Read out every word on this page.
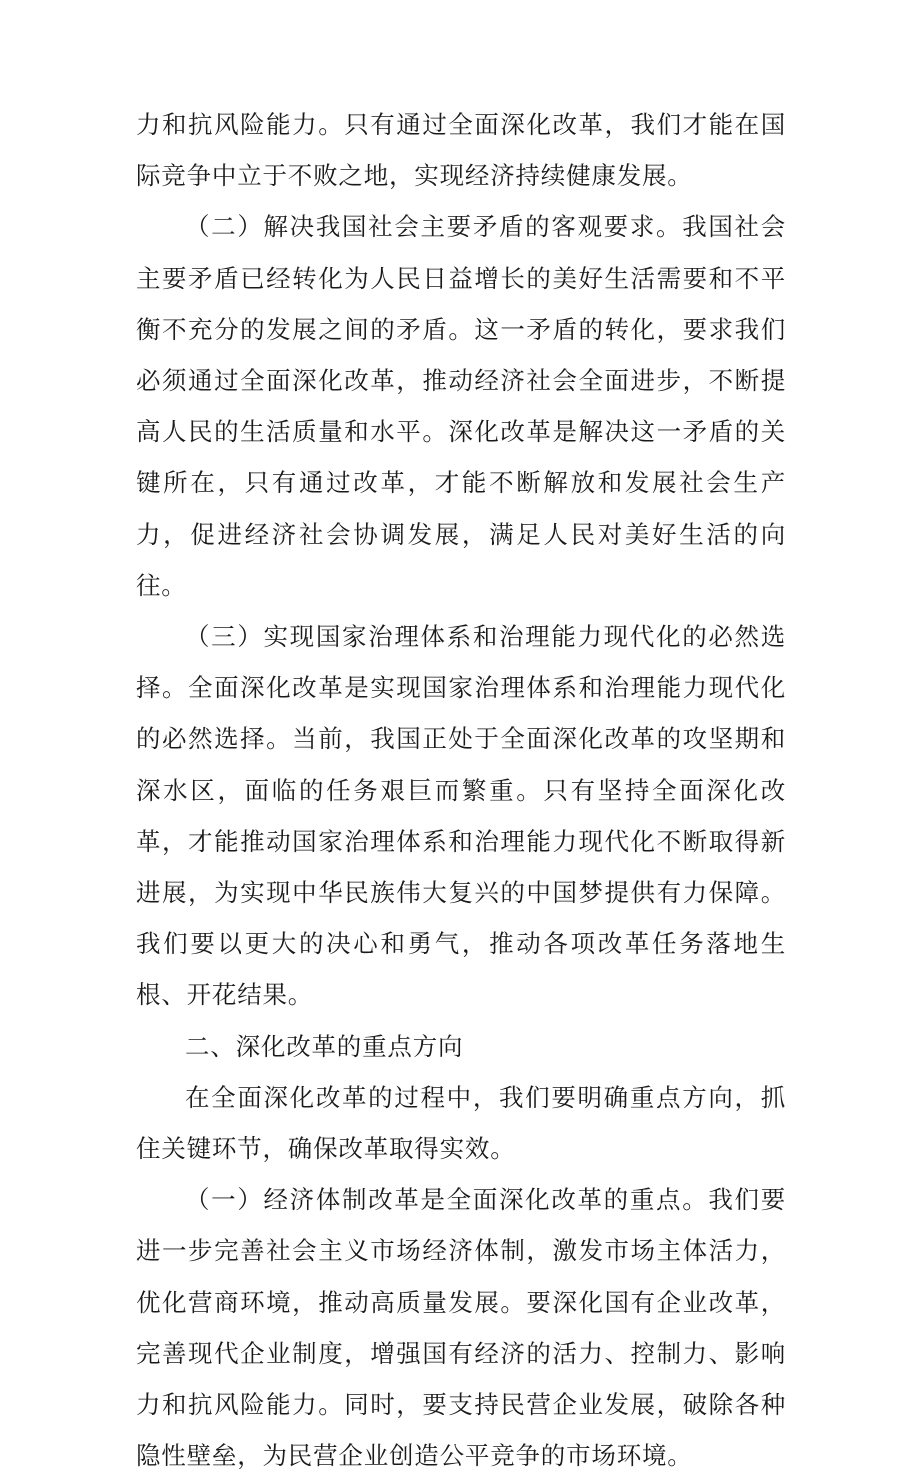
力和抗风险能力。只有通过全面深化改革，我们才能在国际竞争中立于不败之地，实现经济持续健康发展。

（二）解决我国社会主要矛盾的客观要求。我国社会主要矛盾已经转化为人民日益增长的美好生活需要和不平衡不充分的发展之间的矛盾。这一矛盾的转化，要求我们必须通过全面深化改革，推动经济社会全面进步，不断提高人民的生活质量和水平。深化改革是解决这一矛盾的关键所在，只有通过改革，才能不断解放和发展社会生产力，促进经济社会协调发展，满足人民对美好生活的向往。

（三）实现国家治理体系和治理能力现代化的必然选择。全面深化改革是实现国家治理体系和治理能力现代化的必然选择。当前，我国正处于全面深化改革的攻坚期和深水区，面临的任务艰巨而繁重。只有坚持全面深化改革，才能推动国家治理体系和治理能力现代化不断取得新进展，为实现中华民族伟大复兴的中国梦提供有力保障。我们要以更大的决心和勇气，推动各项改革任务落地生根、开花结果。

二、深化改革的重点方向

在全面深化改革的过程中，我们要明确重点方向，抓住关键环节，确保改革取得实效。

（一）经济体制改革是全面深化改革的重点。我们要进一步完善社会主义市场经济体制，激发市场主体活力，优化营商环境，推动高质量发展。要深化国有企业改革，完善现代企业制度，增强国有经济的活力、控制力、影响力和抗风险能力。同时，要支持民营企业发展，破除各种隐性壁垒，为民营企业创造公平竞争的市场环境。
